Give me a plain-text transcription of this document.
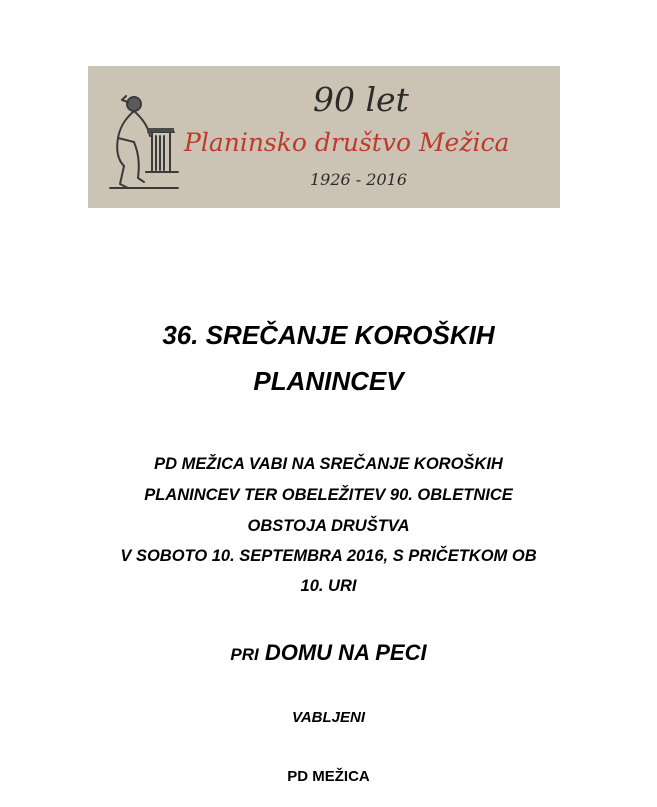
90 let
Planinsko društvo Mežica
1926 - 2016
36. SREČANJE KOROŠKIH
PLANINCEV
PD MEŽICA VABI NA SREČANJE KOROŠKIH
PLANINCEV TER OBELEŽITEV 90. OBLETNICE
OBSTOJA DRUŠTVA
V SOBOTO 10. SEPTEMBRA 2016, S PRIČETKOM OB
10. URI
PRI DOMU NA PECI
VABLJENI
PD MEŽICA
